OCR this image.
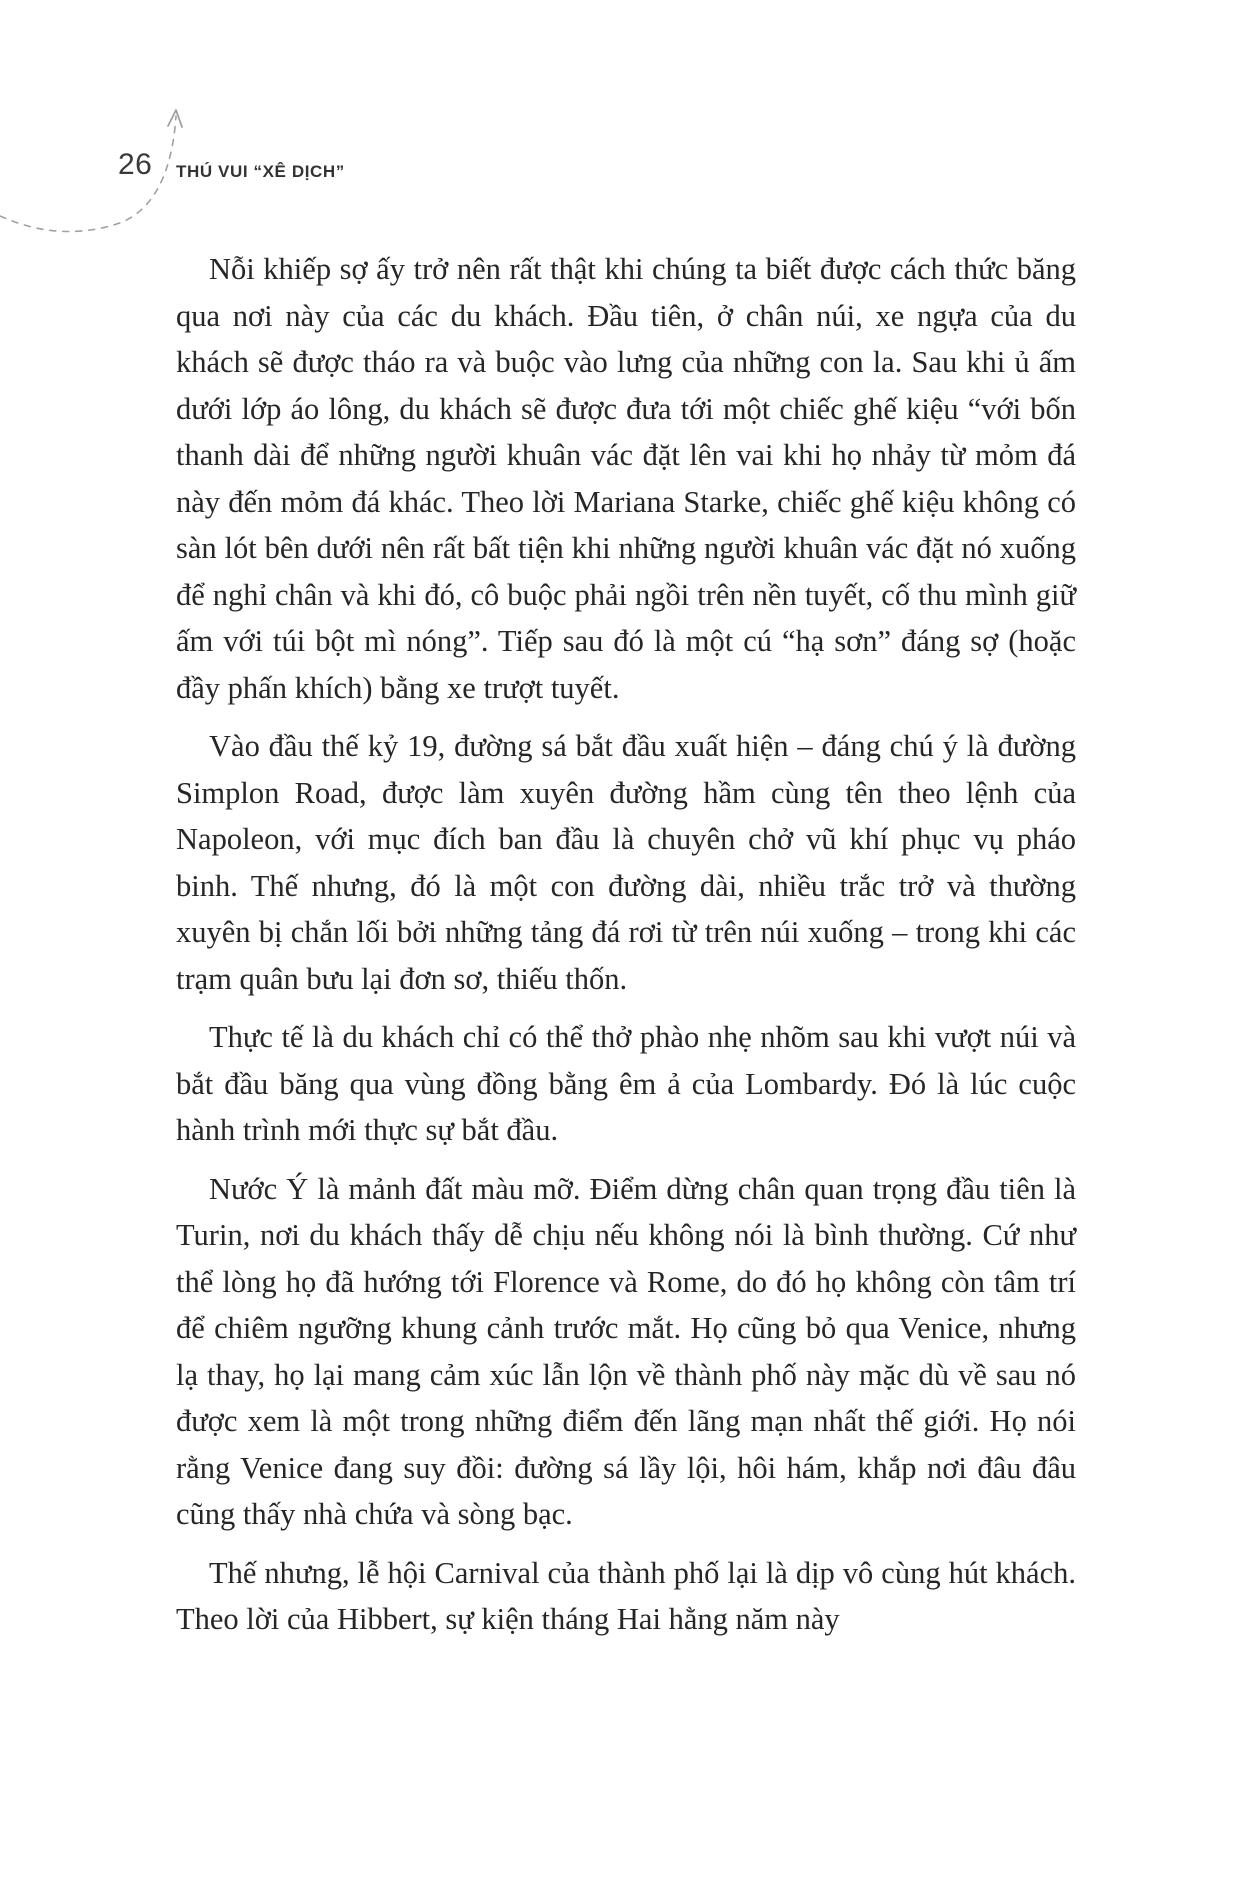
26 THÚ VUI “XÊ DỊCH”

Nỗi khiếp sợ ấy trở nên rất thật khi chúng ta biết được cách thức băng qua nơi này của các du khách. Đầu tiên, ở chân núi, xe ngựa của du khách sẽ được tháo ra và buộc vào lưng của những con la. Sau khi ủ ấm dưới lớp áo lông, du khách sẽ được đưa tới một chiếc ghế kiệu “với bốn thanh dài để những người khuân vác đặt lên vai khi họ nhảy từ mỏm đá này đến mỏm đá khác. Theo lời Mariana Starke, chiếc ghế kiệu không có sàn lót bên dưới nên rất bất tiện khi những người khuân vác đặt nó xuống để nghỉ chân và khi đó, cô buộc phải ngồi trên nền tuyết, cố thu mình giữ ấm với túi bột mì nóng”. Tiếp sau đó là một cú “hạ sơn” đáng sợ (hoặc đầy phấn khích) bằng xe trượt tuyết.

Vào đầu thế kỷ 19, đường sá bắt đầu xuất hiện – đáng chú ý là đường Simplon Road, được làm xuyên đường hầm cùng tên theo lệnh của Napoleon, với mục đích ban đầu là chuyên chở vũ khí phục vụ pháo binh. Thế nhưng, đó là một con đường dài, nhiều trắc trở và thường xuyên bị chắn lối bởi những tảng đá rơi từ trên núi xuống – trong khi các trạm quân bưu lại đơn sơ, thiếu thốn.

Thực tế là du khách chỉ có thể thở phào nhẹ nhõm sau khi vượt núi và bắt đầu băng qua vùng đồng bằng êm ả của Lombardy. Đó là lúc cuộc hành trình mới thực sự bắt đầu.

Nước Ý là mảnh đất màu mỡ. Điểm dừng chân quan trọng đầu tiên là Turin, nơi du khách thấy dễ chịu nếu không nói là bình thường. Cứ như thể lòng họ đã hướng tới Florence và Rome, do đó họ không còn tâm trí để chiêm ngưỡng khung cảnh trước mắt. Họ cũng bỏ qua Venice, nhưng lạ thay, họ lại mang cảm xúc lẫn lộn về thành phố này mặc dù về sau nó được xem là một trong những điểm đến lãng mạn nhất thế giới. Họ nói rằng Venice đang suy đồi: đường sá lầy lội, hôi hám, khắp nơi đâu đâu cũng thấy nhà chứa và sòng bạc.

Thế nhưng, lễ hội Carnival của thành phố lại là dịp vô cùng hút khách. Theo lời của Hibbert, sự kiện tháng Hai hằng năm này
